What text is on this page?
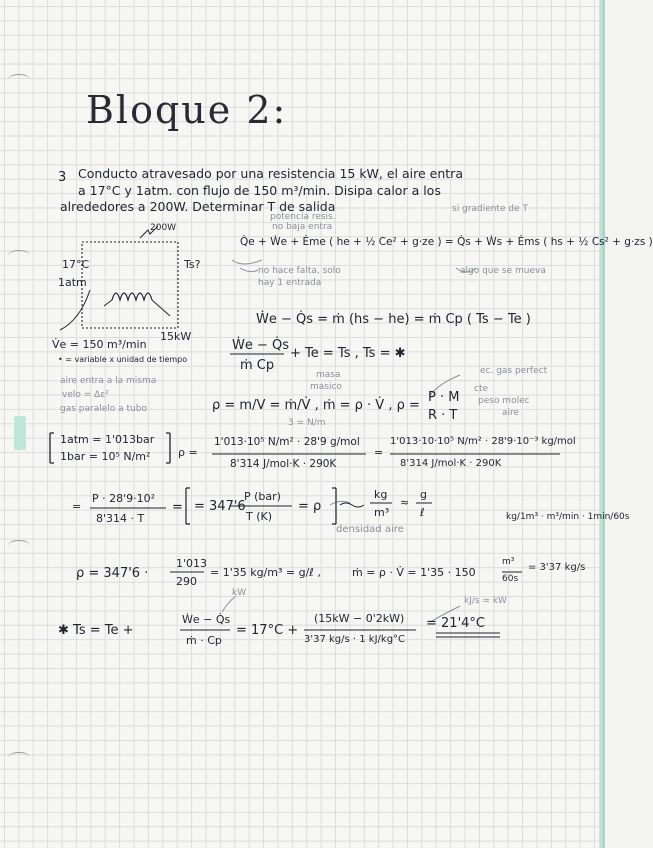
Bloque 2:
3 Conducto atravesado por una resistencia 15 kW, el aire entra
a 17°C y 1atm. con flujo de 150 m³/min. Disipa calor a los
alrededores a 200W. Determinar T de salida
200W
17°C
1atm
Ts?
15kW
V̇e = 150 m³/min
• = variable x unidad de tiempo
potencia resis.
no baja entra
si gradiente de T
no hace falta, solo
hay 1 entrada
algo que se mueva
aire entra a la misma
velo = Δε²
gas paralelo a tubo
ec. gas perfect
cte
peso molec
aire
masa
masico
3 = N/m
densidad aire
kW
kJ/s = kW
Q̇e + Ẇe + Ėme ( he + ½ Ce² + g·ze ) = Q̇s + Ẇs + Ėms ( hs + ½ Cs² + g·zs )
Ẇe − Q̇s = ṁ (hs − he) = ṁ Cp ( Ts − Te )
Ẇe − Q̇s
ṁ Cp
+ Te = Ts , Ts = ✱
ρ = m/V = ṁ/V̇ , ṁ = ρ · V̇ , ρ =
P · M
R · T
1atm = 1'013bar
1bar = 10⁵ N/m²	ρ =
1'013·10⁵ N/m² · 28'9 g/mol
8'314 J/mol·K · 290K
=
1'013·10·10⁵ N/m² · 28'9·10⁻³ kg/mol
8'314 J/mol·K · 290K
=
P · 28'9·10²
8'314 · T
= = 347'6
P (bar)
T (K)
= ρ
kg
m³
≈
g
ℓ	kg/1m³ · m³/min · 1min/60s
ρ = 347'6 ·
1'013
290
= 1'35 kg/m³ = g/ℓ ,	ṁ = ρ · V̇ = 1'35 · 150
m³
60s
= 3'37 kg/s
✱ Ts = Te +
Ẇe − Q̇s
ṁ · Cp
= 17°C +
(15kW − 0'2kW)
3'37 kg/s · 1 kJ/kg°C
= 21'4°C
